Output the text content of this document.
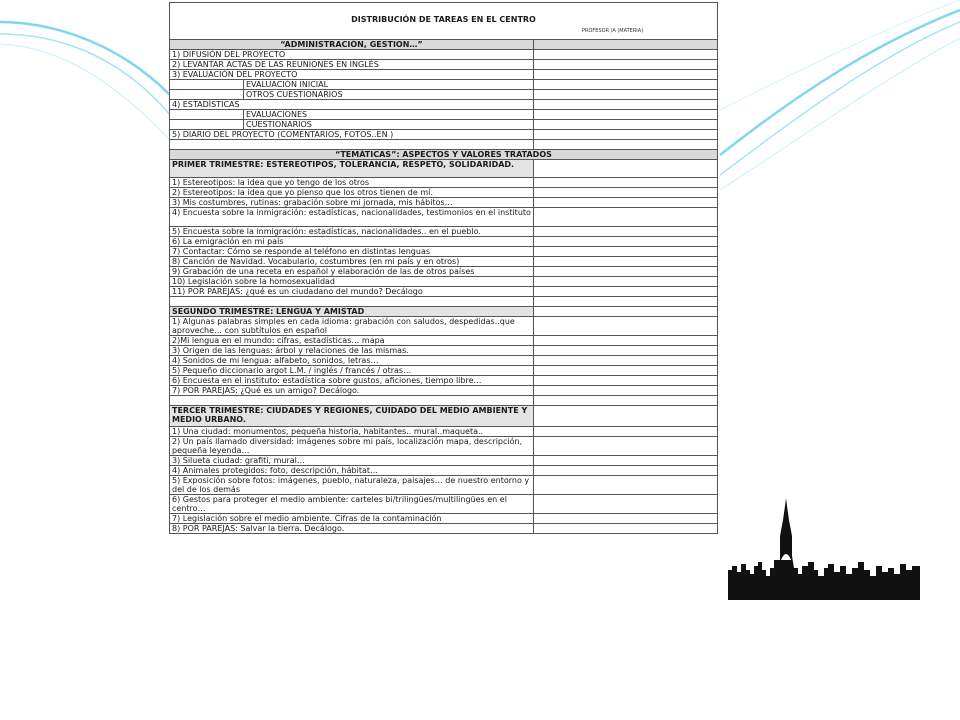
DISTRIBUCIÓN DE TAREAS EN EL CENTRO
PROFESOR /A (MATERIA)		

“ADMINISTRACIÓN, GESTION…”		
1) DIFUSIÓN DEL PROYECTO		
2) LEVANTAR ACTAS DE LAS REUNIONES EN INGLÉS		
3) EVALUACIÓN DEL PROYECTO		
	EVALUACIÓN INICIAL	
	OTROS CUESTIONARIOS	
4) ESTADÍSTICAS		
	EVALUACIONES	
	CUESTIONARIOS	
5) DIARIO DEL PROYECTO (COMENTARIOS, FOTOS..EN )		

“TEMÁTICAS”: ASPECTOS Y VALORES TRATADOS		
PRIMER TRIMESTRE: ESTEREOTIPOS, TOLERANCIA, RESPETO, SOLIDARIDAD.		
1) Estereotipos: la idea que yo tengo de los otros		
2) Estereotipos: la idea que yo pienso que los otros tienen de mí.		
3) Mis costumbres, rutinas: grabación sobre mi jornada, mis hábitos…		
4) Encuesta sobre la inmigración: estadísticas, nacionalidades, testimonios en el instituto		
5) Encuesta sobre la inmigración: estadísticas, nacionalidades.. en el pueblo.		
6) La emigración en mi país		
7) Contactar: Cómo se responde al teléfono en distintas lenguas		
8) Canción de Navidad. Vocabulario, costumbres (en mi país y en otros)		
9) Grabación de una receta en español y elaboración de las de otros países		
10) Legislación sobre la homosexualidad		
11) POR PAREJAS: ¿qué es un ciudadano del mundo? Decálogo		

SEGUNDO TRIMESTRE: LENGUA Y AMISTAD		
1) Algunas palabras simples en cada idioma: grabación con saludos, despedidas..que aproveche… con subtítulos en español		
2)Mi lengua en el mundo: cifras, estadísticas… mapa		
3) Origen de las lenguas: árbol y relaciones de las mismas.		
4) Sonidos de mi lengua: alfabeto, sonidos, letras…		
5) Pequeño diccionario argot L.M. / inglés / francés / otras…		
6) Encuesta en el instituto: estadística sobre gustos, aficiones, tiempo libre…		
7) POR PAREJAS: ¿Qué es un amigo? Decálogo.		

TERCER TRIMESTRE: CIUDADES Y REGIONES, CUIDADO DEL MEDIO AMBIENTE Y MEDIO URBANO.		
1) Una ciudad: monumentos, pequeña historia, habitantes.. mural..maqueta..		
2) Un país llamado diversidad: imágenes sobre mi país, localización mapa, descripción, pequeña leyenda…		
3) Silueta ciudad: grafiti, mural…		
4) Animales protegidos: foto, descripción, hábitat…		
5) Exposición sobre fotos: imágenes, pueblo, naturaleza, paisajes… de nuestro entorno y del de los demás		
6) Gestos para proteger el medio ambiente: carteles bi/trilingües/multilingües en el centro…		
7) Legislación sobre el medio ambiente. Cifras de la contaminación		
8) POR PAREJAS: Salvar la tierra. Decálogo.		
